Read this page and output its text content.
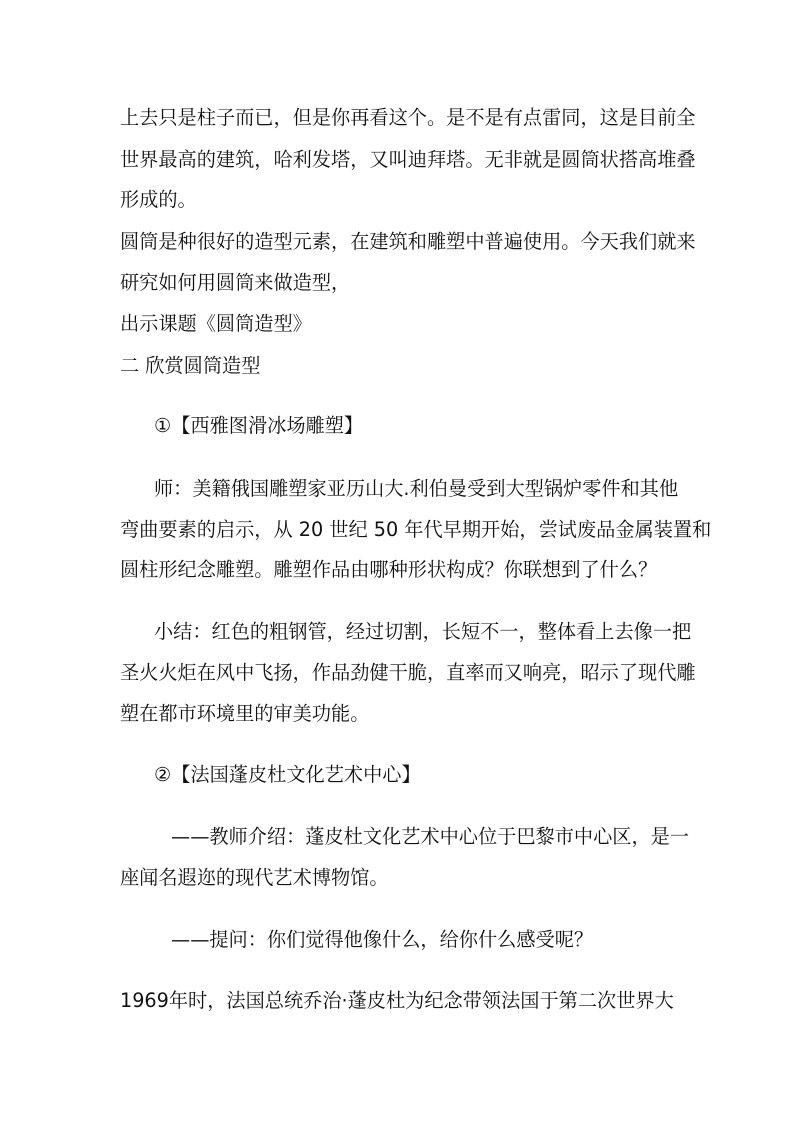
上去只是柱子而已，但是你再看这个。是不是有点雷同，这是目前全
世界最高的建筑，哈利发塔，又叫迪拜塔。无非就是圆筒状搭高堆叠
形成的。
圆筒是种很好的造型元素，在建筑和雕塑中普遍使用。今天我们就来
研究如何用圆筒来做造型，
出示课题《圆筒造型》
二 欣赏圆筒造型
①【西雅图滑冰场雕塑】
师：美籍俄国雕塑家亚历山大.利伯曼受到大型锅炉零件和其他
弯曲要素的启示，从 20 世纪 50 年代早期开始，尝试废品金属装置和
圆柱形纪念雕塑。雕塑作品由哪种形状构成？你联想到了什么？
小结：红色的粗钢管，经过切割，长短不一，整体看上去像一把
圣火火炬在风中飞扬，作品劲健干脆，直率而又响亮，昭示了现代雕
塑在都市环境里的审美功能。
②【法国蓬皮杜文化艺术中心】
——教师介绍：蓬皮杜文化艺术中心位于巴黎市中心区，是一
座闻名遐迩的现代艺术博物馆。
——提问：你们觉得他像什么，给你什么感受呢？
1969年时，法国总统乔治·蓬皮杜为纪念带领法国于第二次世界大
